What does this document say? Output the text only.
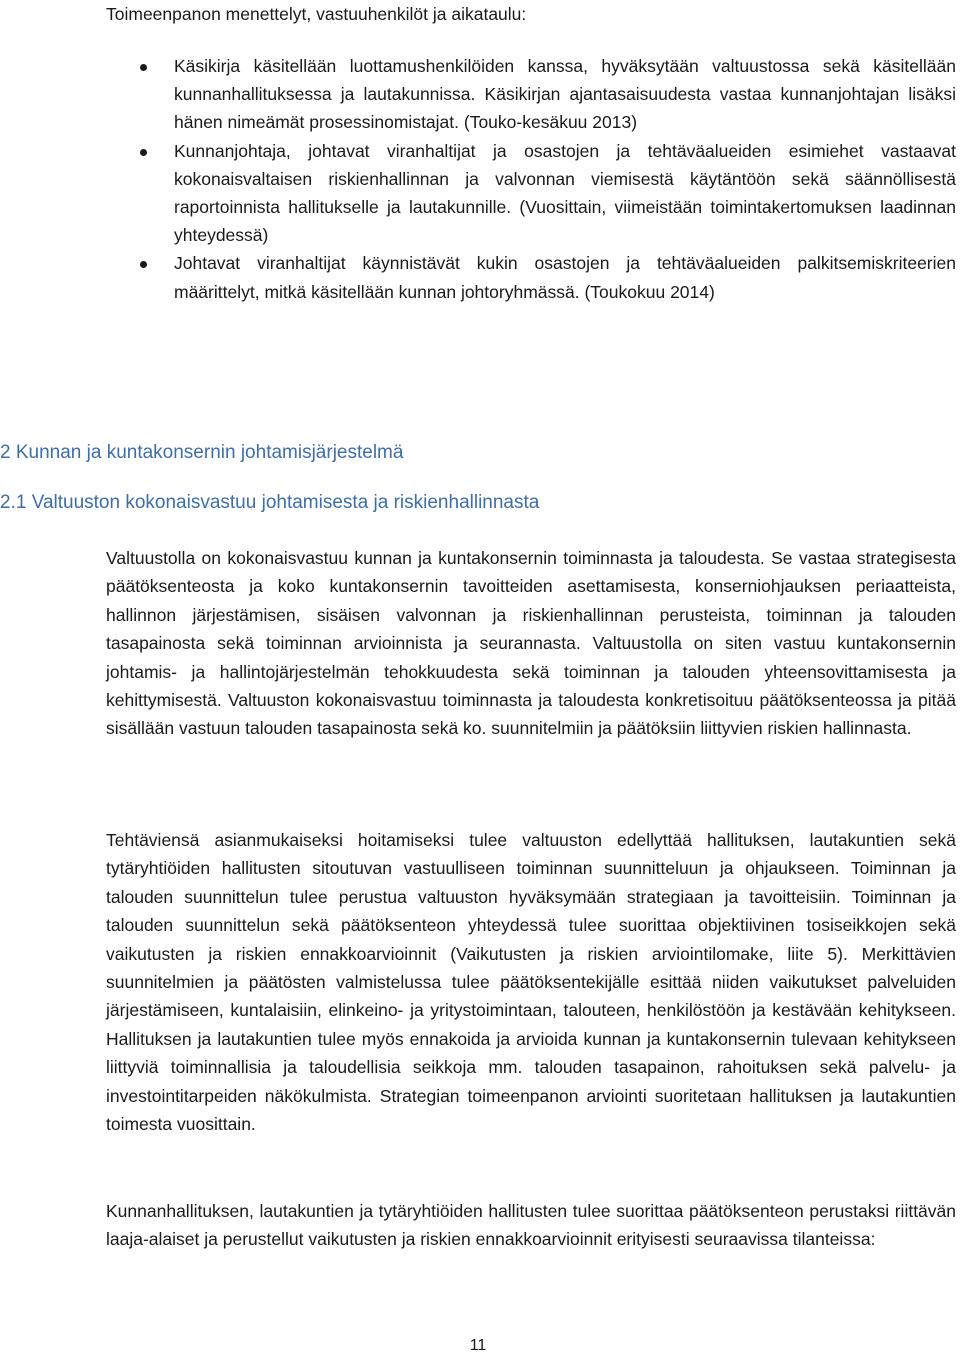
Toimeenpanon menettelyt, vastuuhenkilöt ja aikataulu:

Käsikirja käsitellään luottamushenkilöiden kanssa, hyväksytään valtuustossa sekä käsitellään kunnanhallituksessa ja lautakunnissa. Käsikirjan ajantasaisuudesta vastaa kunnanjohtajan lisäksi hänen nimeämät prosessinomistajat. (Touko-kesäkuu 2013)
Kunnanjohtaja, johtavat viranhaltijat ja osastojen ja tehtäväalueiden esimiehet vastaavat kokonaisvaltaisen riskienhallinnan ja valvonnan viemisestä käytäntöön sekä säännöllisestä raportoinnista hallitukselle ja lautakunnille. (Vuosittain, viimeistään toimintakertomuksen laadinnan yhteydessä)
Johtavat viranhaltijat käynnistävät kukin osastojen ja tehtäväalueiden palkitsemiskriteerien määrittelyt, mitkä käsitellään kunnan johtoryhmässä. (Toukokuu 2014)
2 Kunnan ja kuntakonsernin johtamisjärjestelmä
2.1 Valtuuston kokonaisvastuu johtamisesta ja riskienhallinnasta

Valtuustolla on kokonaisvastuu kunnan ja kuntakonsernin toiminnasta ja taloudesta. Se vastaa strategisesta päätöksenteosta ja koko kuntakonsernin tavoitteiden asettamisesta, konserniohjauksen periaatteista, hallinnon järjestämisen, sisäisen valvonnan ja riskienhallinnan perusteista, toiminnan ja talouden tasapainosta sekä toiminnan arvioinnista ja seurannasta. Valtuustolla on siten vastuu kuntakonsernin johtamis- ja hallintojärjestelmän tehokkuudesta sekä toiminnan ja talouden yhteensovittamisesta ja kehittymisestä. Valtuuston kokonaisvastuu toiminnasta ja taloudesta konkretisoituu päätöksenteossa ja pitää sisällään vastuun talouden tasapainosta sekä ko. suunnitelmiin ja päätöksiin liittyvien riskien hallinnasta.

Tehtäviensä asianmukaiseksi hoitamiseksi tulee valtuuston edellyttää hallituksen, lautakuntien sekä tytäryhtiöiden hallitusten sitoutuvan vastuulliseen toiminnan suunnitteluun ja ohjaukseen. Toiminnan ja talouden suunnittelun tulee perustua valtuuston hyväksymään strategiaan ja tavoitteisiin. Toiminnan ja talouden suunnittelun sekä päätöksenteon yhteydessä tulee suorittaa objektiivinen tosiseikkojen sekä vaikutusten ja riskien ennakkoarvioinnit (Vaikutusten ja riskien arviointilomake, liite 5). Merkittävien suunnitelmien ja päätösten valmistelussa tulee päätöksentekijälle esittää niiden vaikutukset palveluiden järjestämiseen, kuntalaisiin, elinkeino- ja yritystoimintaan, talouteen, henkilöstöön ja kestävään kehitykseen. Hallituksen ja lautakuntien tulee myös ennakoida ja arvioida kunnan ja kuntakonsernin tulevaan kehitykseen liittyviä toiminnallisia ja taloudellisia seikkoja mm. talouden tasapainon, rahoituksen sekä palvelu- ja investointitarpeiden näkökulmista. Strategian toimeenpanon arviointi suoritetaan hallituksen ja lautakuntien toimesta vuosittain.

Kunnanhallituksen, lautakuntien ja tytäryhtiöiden hallitusten tulee suorittaa päätöksenteon perustaksi riittävän laaja-alaiset ja perustellut vaikutusten ja riskien ennakkoarvioinnit erityisesti seuraavissa tilanteissa:

11
